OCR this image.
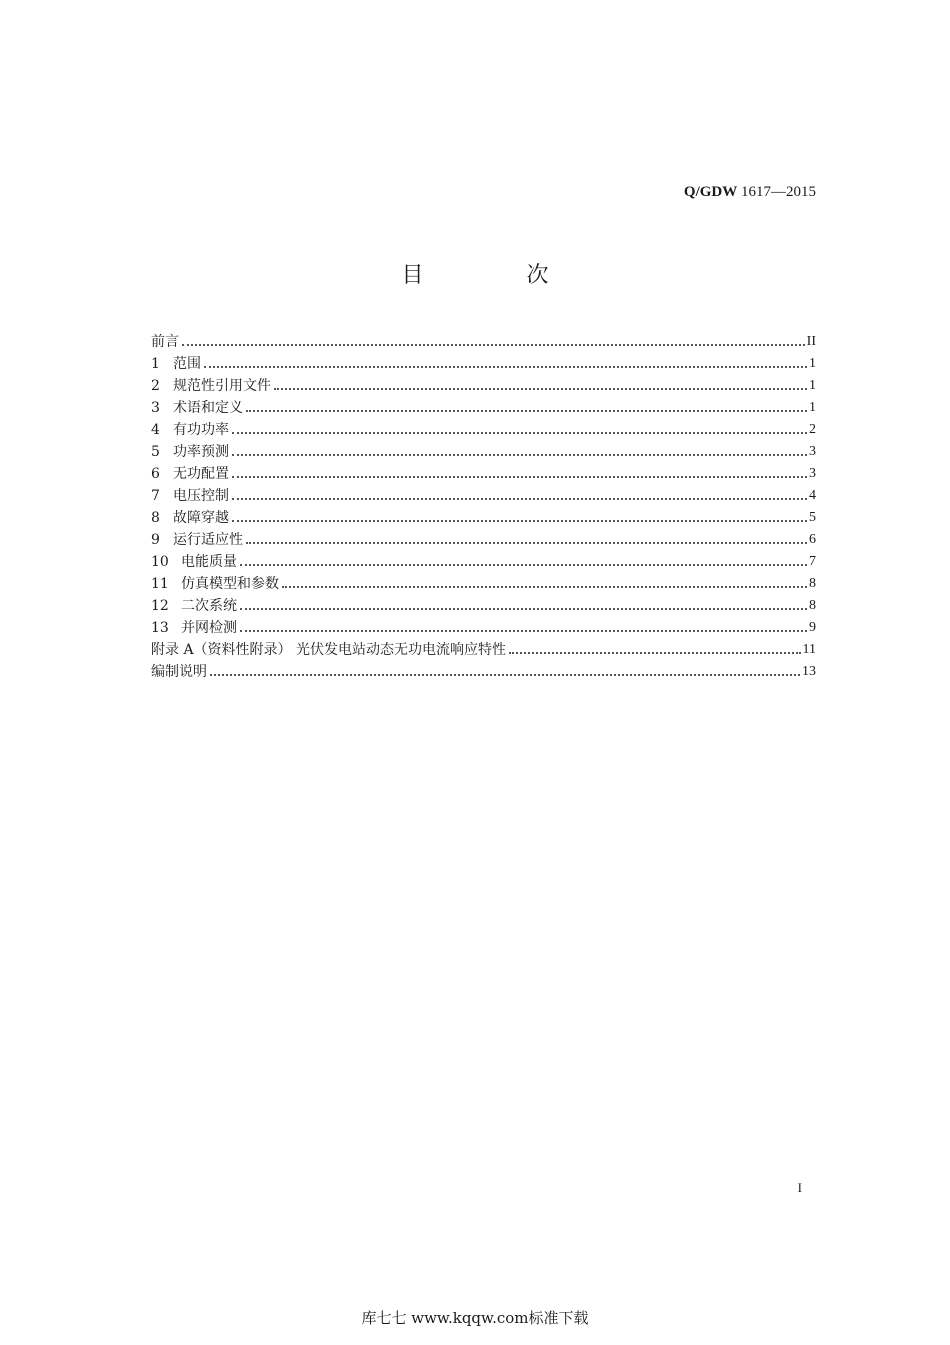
Q/GDW 1617—2015
目 次
前言	II
1 范围	1
2 规范性引用文件	1
3 术语和定义	1
4 有功功率	2
5 功率预测	3
6 无功配置	3
7 电压控制	4
8 故障穿越	5
9 运行适应性	6
10 电能质量	7
11 仿真模型和参数	8
12 二次系统	8
13 并网检测	9
附录 A（资料性附录） 光伏发电站动态无功电流响应特性	11
编制说明	13
I
库七七 www.kqqw.com标准下载
